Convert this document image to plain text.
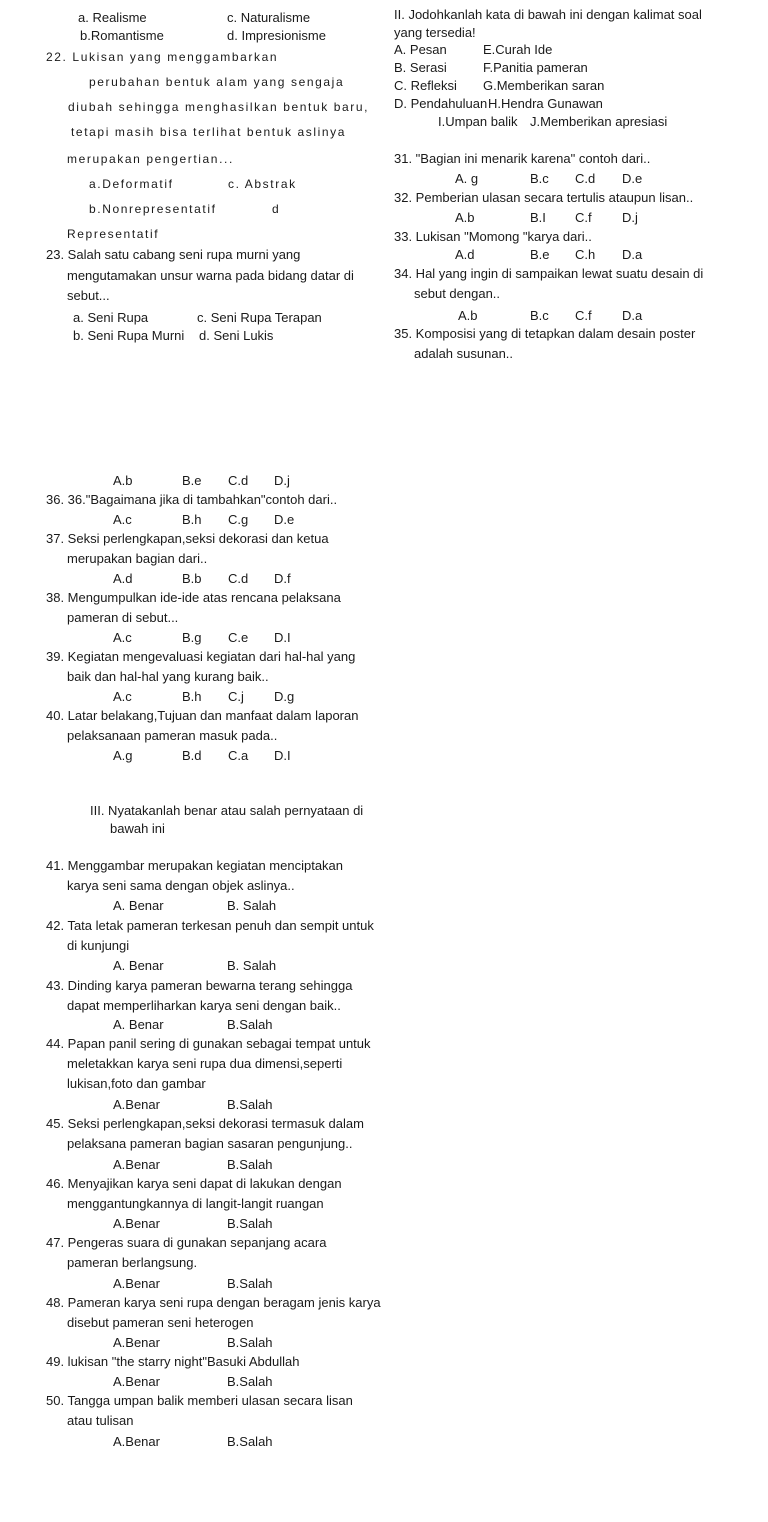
a. Realisme	c. Naturalisme
b.Romantisme	d. Impresionisme
22. Lukisan yang menggambarkan
perubahan bentuk alam yang sengaja
diubah sehingga menghasilkan bentuk baru,
tetapi masih bisa terlihat bentuk aslinya
merupakan pengertian...
a.Deformatif	c. Abstrak
b.Nonrepresentatif	d
Representatif
23. Salah satu cabang seni rupa murni yang
mengutamakan unsur warna pada bidang datar di
sebut...
a. Seni Rupa	c. Seni Rupa Terapan
b. Seni Rupa Murni d. Seni Lukis
II. Jodohkanlah kata di bawah ini dengan kalimat soal
yang tersedia!
A. Pesan	E.Curah Ide
B. Serasi	F.Panitia pameran
C. Refleksi G.Memberikan saran
D. Pendahuluan H.Hendra Gunawan
I.Umpan balik J.Memberikan apresiasi
31. "Bagian ini menarik karena" contoh dari..
A. g	B.c C.d D.e
32. Pemberian ulasan secara tertulis ataupun lisan..
A.b	B.I C.f D.j
33. Lukisan "Momong "karya dari..
A.d	B.e C.h D.a
34. Hal yang ingin di sampaikan lewat suatu desain di
sebut dengan..
A.b	B.c C.f D.a
35. Komposisi yang di tetapkan dalam desain poster
adalah susunan..
A.b	B.e C.d D.j
36. 36."Bagaimana jika di tambahkan"contoh dari..
A.c	B.h C.g D.e
37. Seksi perlengkapan,seksi dekorasi dan ketua
merupakan bagian dari..
A.d	B.b C.d D.f
38. Mengumpulkan ide-ide atas rencana pelaksana
pameran di sebut...
A.c	B.g C.e D.I
39. Kegiatan mengevaluasi kegiatan dari hal-hal yang
baik dan hal-hal yang kurang baik..
A.c	B.h C.j D.g
40. Latar belakang,Tujuan dan manfaat dalam laporan
pelaksanaan pameran masuk pada..
A.g	B.d C.a D.I
III. Nyatakanlah benar atau salah pernyataan di
bawah ini
41. Menggambar merupakan kegiatan menciptakan
karya seni sama dengan objek aslinya..
A. Benar	B. Salah
42. Tata letak pameran terkesan penuh dan sempit untuk
di kunjungi
A. Benar	B. Salah
43. Dinding karya pameran bewarna terang sehingga
dapat memperliharkan karya seni dengan baik..
A. Benar	B.Salah
44. Papan panil sering di gunakan sebagai tempat untuk
meletakkan karya seni rupa dua dimensi,seperti
lukisan,foto dan gambar
A.Benar	B.Salah
45. Seksi perlengkapan,seksi dekorasi termasuk dalam
pelaksana pameran bagian sasaran pengunjung..
A.Benar	B.Salah
46. Menyajikan karya seni dapat di lakukan dengan
menggantungkannya di langit-langit ruangan
A.Benar	B.Salah
47. Pengeras suara di gunakan sepanjang acara
pameran berlangsung.
A.Benar	B.Salah
48. Pameran karya seni rupa dengan beragam jenis karya
disebut pameran seni heterogen
A.Benar	B.Salah
49. lukisan "the starry night"Basuki Abdullah
A.Benar	B.Salah
50. Tangga umpan balik memberi ulasan secara lisan
atau tulisan
A.Benar	B.Salah
